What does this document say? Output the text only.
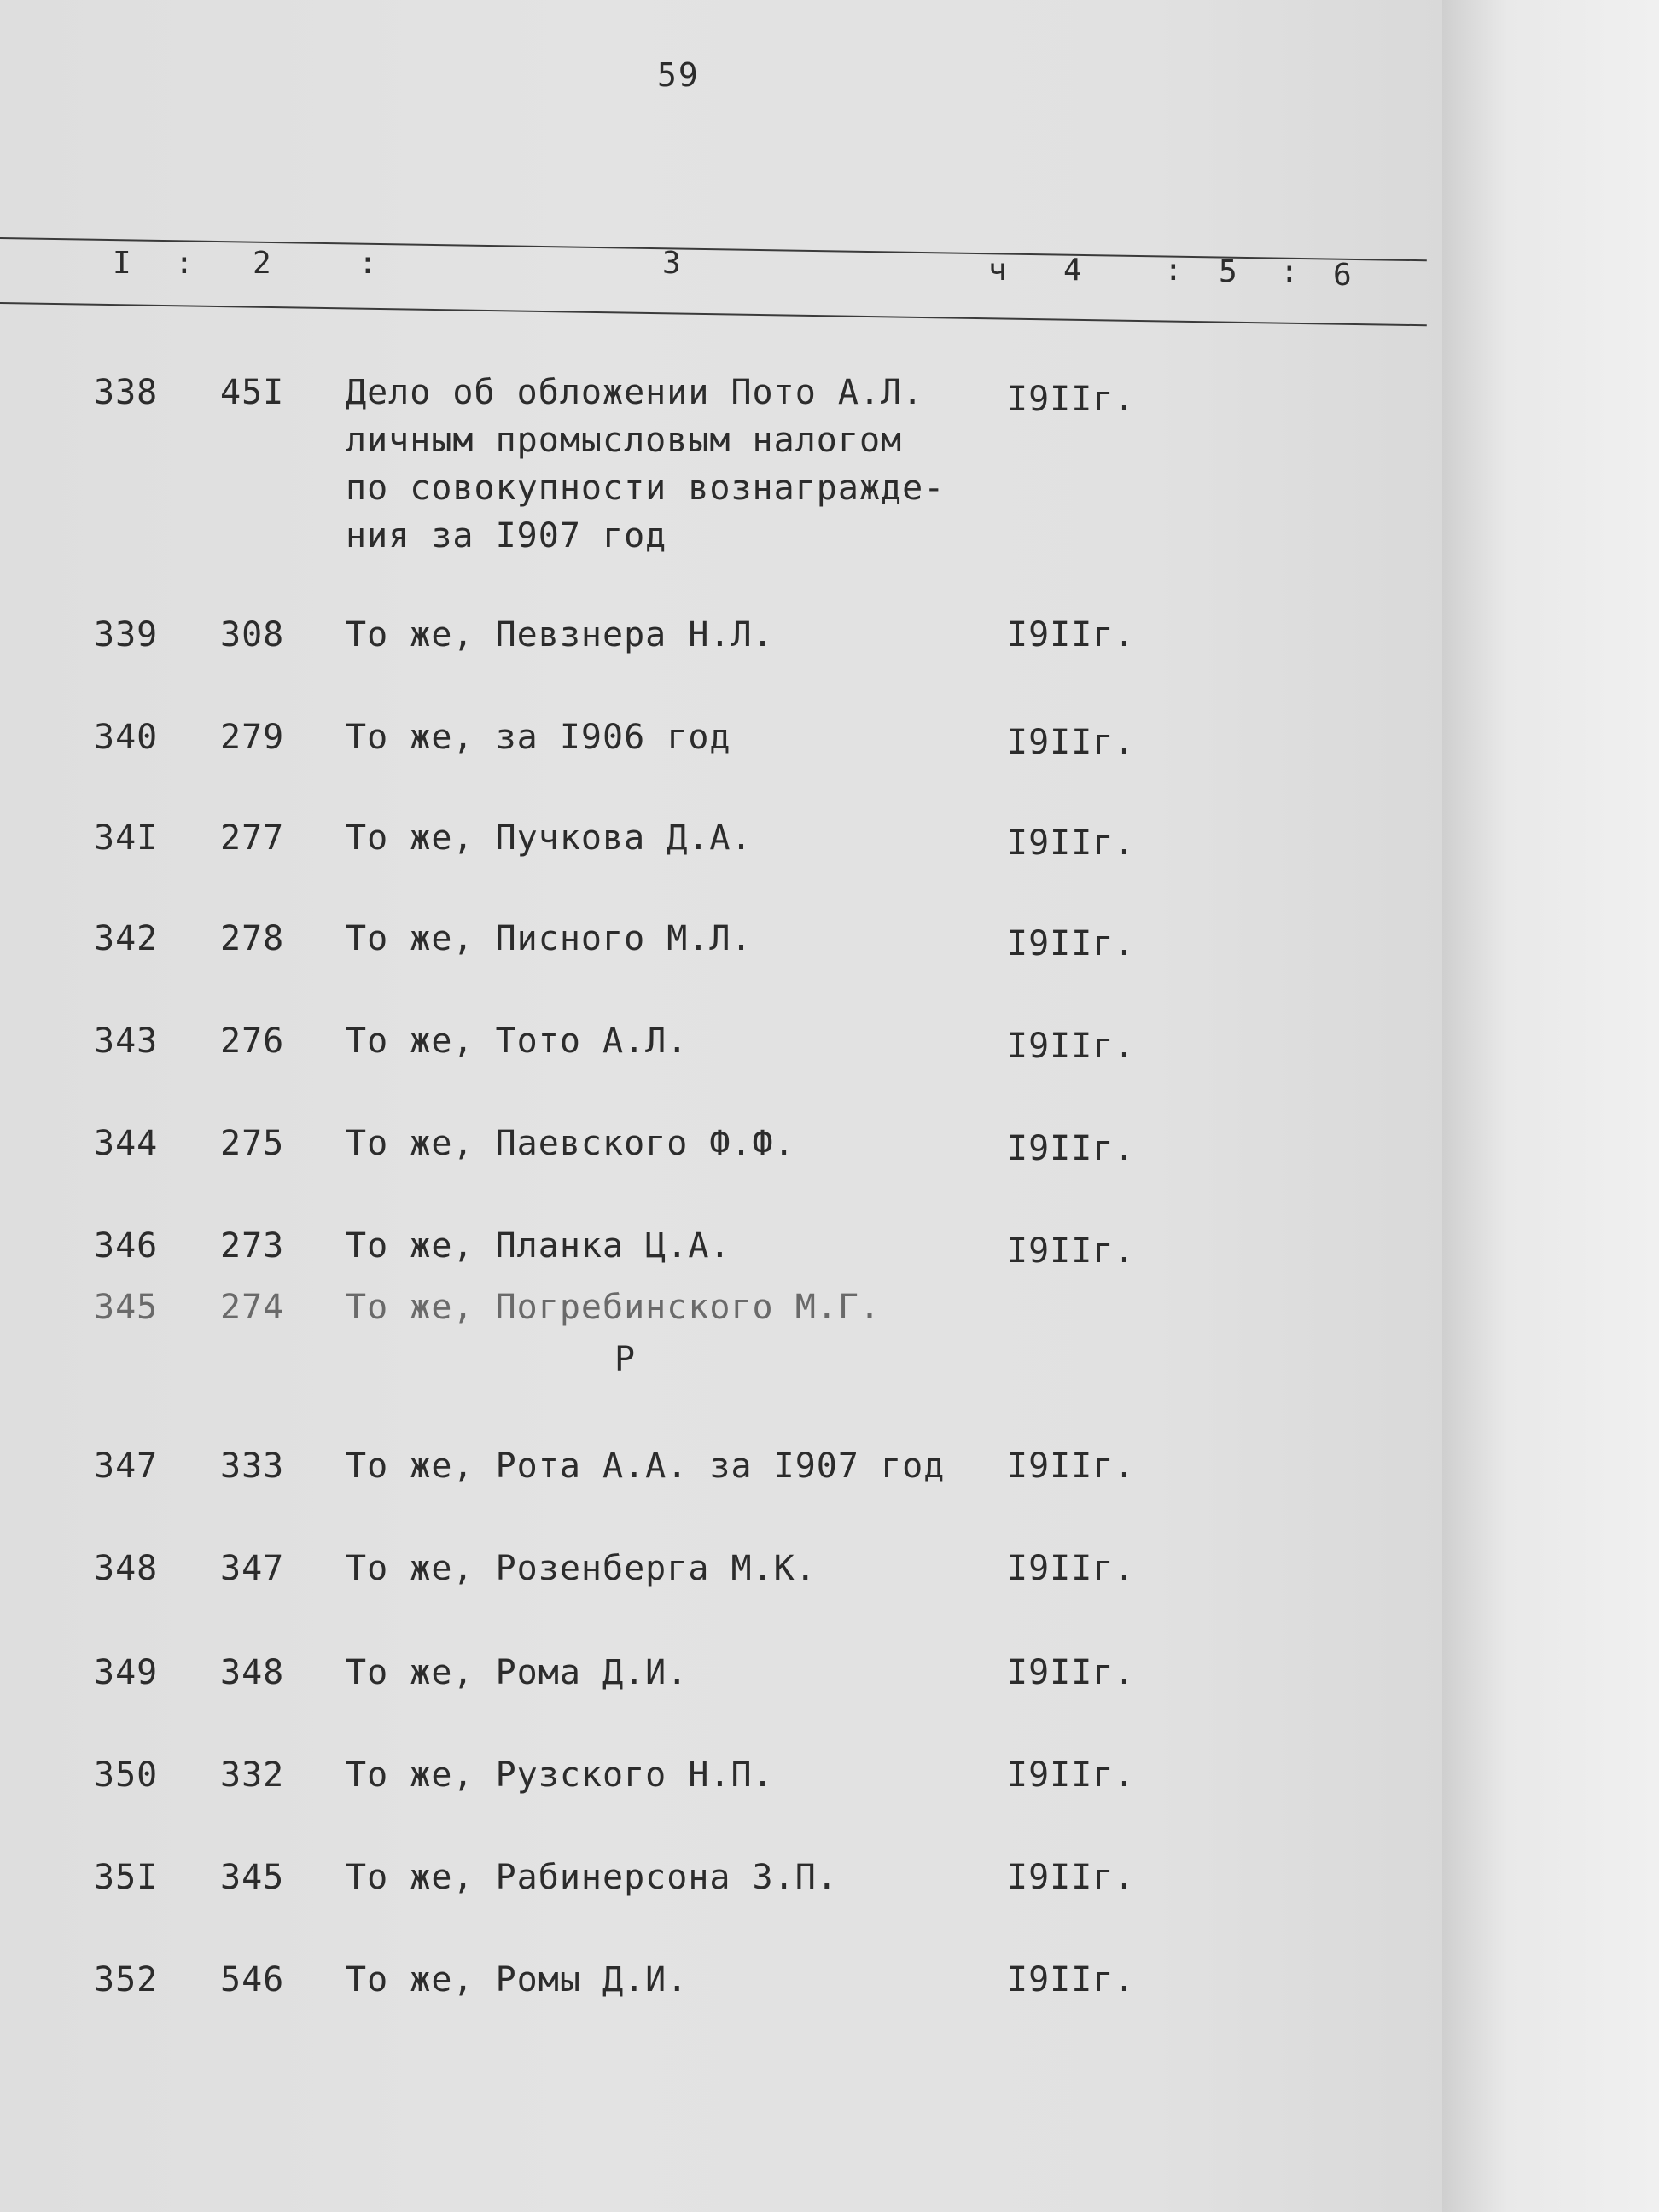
59
I : 2	:	3	ч 4	: 5 : 6
338 45I Дело об обложении Пото А.Л.
личным промысловым налогом
по совокупности вознагражде-
ния за I907 год
I9IIг.
339 308 То же, Певзнера Н.Л.	I9IIг.
340 279 То же, за I906 год	I9IIг.
34I 277 То же, Пучкова Д.А.	I9IIг.
342 278 То же, Писного М.Л.	I9IIг.
343 276 То же, Тото А.Л.	I9IIг.
344 275 То же, Паевского Ф.Ф.	I9IIг.
346 273 То же, Планка Ц.А.	I9IIг.
345 274 То же, Погребинского М.Г.
Р
347 333 То же, Рота А.А. за I907 год I9IIг.
348 347 То же, Розенберга М.К.	I9IIг.
349 348 То же, Рома Д.И.	I9IIг.
350 332 То же, Рузского Н.П.	I9IIг.
35I 345 То же, Рабинерсона З.П.	I9IIг.
352 546 То же, Ромы Д.И.	I9IIг.
